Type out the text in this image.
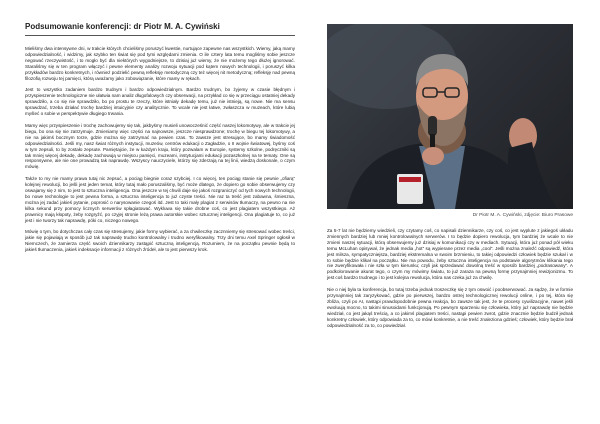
Podsumowanie konferencji: dr Piotr M. A. Cywiński

Mieliśmy dwa intensywne dni, w trakcie których chcieliśmy poruszyć kwestie, nurtujące zapewne nas wszystkich. Wiemy, jaką mamy odpowiedzialność, i widzimy, jak szybko ten świat się pod tymi względami zmienia. O ile cztery lata temu mogliśmy sobie jeszcze negować rzeczywistość, i to mogło być dla niektórych wygodniejsze, to dzisiaj już wiemy, że nie możemy tego dłużej ignorować. Staraliśmy się w ten program włączyć i pewne elementy analizy rozwoju sytuacji pod kątem nowych technologii, i poruszyć kilka przykładów bardzo konkretnych, i również podzielić pewną refleksję metodyczną czy też więcej nit metodyczną; refleksję nad pewną filozofią rozwoju tej pamięci, którą uważamy jako zobowiązanie, które mamy w rękach.

Jest to wszystko zadaniem bardzo trudnym i bardzo odpowiedzialnym. Bardzo trudnym, bo żyjemy w czasie błędnym i przyspieszenie technologiczne nie ułatwia nam analiz długofalowych czy obserwacji, na przykład co się w przeciągu ostatniej dekady sprawdziło, a co się nie sprawdziło, bo po prostu te rzeczy, które istniały dekadę temu, już nie istnieją, są nowe. Nie ma sensu sprawdzać, trzeba działać trochę bardziej intuicyjnie czy analitycznie. To wcale nie jest łatwe, zwłaszcza w muzeach, które lubią myśleć o sobie w perspektywie długiego trwania.

Mamy więc przyspieszenie i trochę zachowujemy się tak, jakbyśmy musieli unowocześnić część naszej lokomotywy, ale w trakcie jej biegu, bo ona się nie zatrzymuje. Zmieniamy więc części na najnowsze, jeszcze niesprawdzone; trochę w biegu tej lokomotywy, a nie na jakimś bocznym torze, gdzie można się zatrzymać na pewien czas. To zawsze jest stresujące, bo mamy świadomość odpowiedzialności. Jeśli my, nasz świat różnych instytucji, muzeów, centrów edukacji o Zagładzie, o II wojnie światowej, byśmy coś w tym zepsuli, to by zostało zepsute. Pamiętajcie, że w każdym kraju, który pozwalam w Europie, systemy szkolne, podręczniki są tak mniej więcej dekadę, dekadę zachowują w miejscu pamięci, muzeami, instytucjami edukacji pozaszkolnej na te tematy. One są responsywne, ale nie one prowadzą tak naprawdę. Wszyscy nauczyciele, którzy się zderzają na tej linii, wiedzą doskonale, o czym mówię.

Także to my nie mamy prawa tutaj nic zepsuć, a pociąg biegnie coraz szybciej. I co więcej, ten pociąg stanie się pewnie „ofiarą” kolejnej rewolucji, bo jeśli jest jeden temat, który tutaj mało poruszaliśmy, być może dlatego, że dopiero go sobie obserwujemy czy oswajamy się z nim, to jest to sztuczna inteligencja. Ona jeszcze w tej chwili daje się jakoś rozgraniczyć od tych nowych technologii, bo nowe technologie to jest pewna forma, a sztuczna inteligencja to już czyste treści. Nie raz ta treść jest zabawna, śmieszna, można jej zadać jakieś pytanie, poprosić o narysowanie czegoś itd. Jest to taki mały plagiat z serwisów tłumaczy, na pewno na nie kilka sekund przy pomocy licznych serwerów spłagiatować. Wykluwa się takie drobne coś, co jest plagiatem wszystkiego. Aż prawnicy mają kłopoty, żeby rozgryźć, po czyjej stronie leżą prawa autorskie wobec sztucznej inteligencji. Ona plagiatuje to, co już jest i nie tworzy tak naprawdę, póki co, niczego nowego.

Mówię o tym, bo dotychczas cały czas się stresujemy, jakie formy wybierać, a za chwileczkę zacznniemy się stresować wobec treści, jakie się pojawiają w sposób już tak naprawdę trudno kontrolowalny i trudno weryfikowalny. Trzy dni temu Axel Springer ogłosił w Niemczech, że zamierza część swoich dziennikarzy zastąpić sztuczną inteligencją. Rozumiem, że na początku pewnie będą to jakieś tłumaczenia, jakieś indeksacje informacji z różnych źródeł, ale to jest pierwszy krok.

Dr Piotr M. A. Cywiński, zdjęcie: Biuro Prasowe

Za 5-7 lat nie będziemy wiedzieli, czy czytamy coś, co napisali dziennikarze, czy coś, co jest wyplute z jakiegoś układu zmiennych bardziej lub mniej kontrolowalnych serwerów. I to będzie dopiero rewolucja, tym bardziej że wcale to nie zmieni naszej sytuacji, którą obserwujemy już dzisiaj w komunikacji czy w mediach. Sytuacji, która już ponad pół wieku temu McLuhan opisywał, że jednak media „hot” są wypierane przez media „cool”. Jeśli można znaleźć odpowiedź, która jest milsza, sympatyczniejsza, bardziej ekstremalna w swoim brzmieniu, to takiej odpowiedzi człowiek będzie szukał i w to sobie będzie klikał na początku. Nie ma powodu, żeby sztuczna inteligencja na podstawie algorytmów klikania tego nie zweryfikowała i nie szła w tym kierunku; czyli jak sprzedawać dowolną treść w sposób bardziej „podrasowany”. A podkolorowanie akurat tego, o czym my mówimy światu, to już zaraza na pewną formę przynajmniej rewizjonizmu. To jest coś bardzo trudnego i to jest kolejna rewolucja, która nas czeka już za chwilę.

Nie o niej była ta konferencja, bo tutaj trzeba jednak troszeczkę się z tym oswoić i poobserwować. Ja sądzę, że w formie przynajmniej tak zaryzykować, gdzie po pierwszej, bardzo ostrej technologicznej rewolucji online, i po tej, która się zbliża, czyli po AI, nastąpi prawdopodobnie pewna reakcja, bo zawsze tak jest, że te procesy cywilizacyjne, nawet jeśli ewoluują mocno, to takimi sinusoidami funkcjonują. Po pewnym sparzeniu się człowieka, który już naprawdę nie będzie wiedział, co jest jakąś treścią, a co jakimś plagiatem treści, nastąpi pewien zwrot, gdzie znacznie będzie budził jednak konkretny człowiek, który odpowiada za to, co mówi konkretnie, a nie treść znaleziona gdzieś; człowiek, który będzie brał odpowiedzialność za to, co powiedział.
